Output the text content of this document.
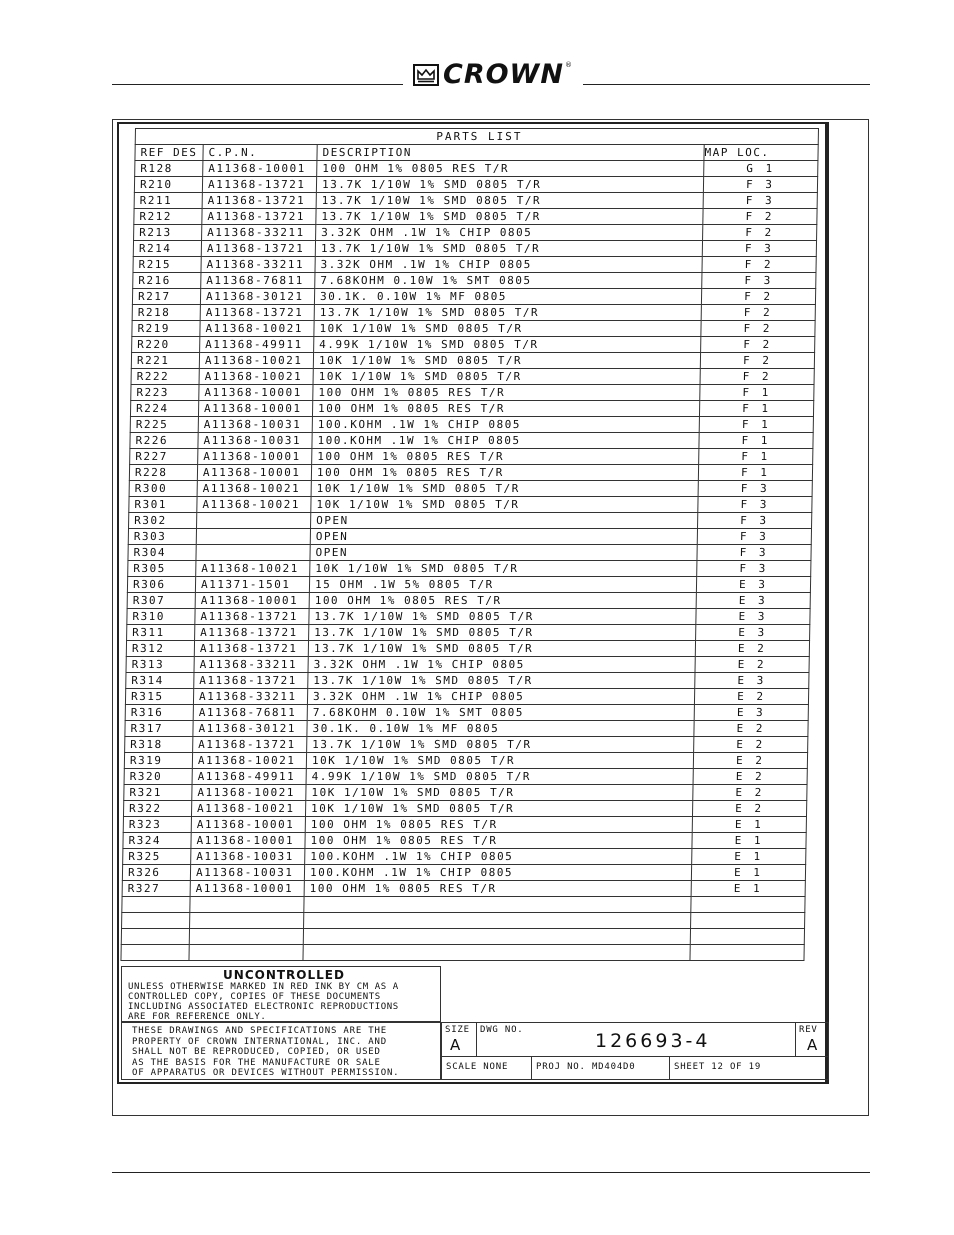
CROWN ®
PARTS LIST			
REF DES	C.P.N.	DESCRIPTION	MAP LOC.
R128	A11368-10001	100 OHM 1% 0805 RES T/R	G 1
R210	A11368-13721	13.7K 1/10W 1% SMD 0805 T/R	F 3
R211	A11368-13721	13.7K 1/10W 1% SMD 0805 T/R	F 3
R212	A11368-13721	13.7K 1/10W 1% SMD 0805 T/R	F 2
R213	A11368-33211	3.32K OHM .1W 1% CHIP 0805	F 2
R214	A11368-13721	13.7K 1/10W 1% SMD 0805 T/R	F 3
R215	A11368-33211	3.32K OHM .1W 1% CHIP 0805	F 2
R216	A11368-76811	7.68KOHM 0.10W 1% SMT 0805	F 3
R217	A11368-30121	30.1K. 0.10W 1% MF 0805	F 2
R218	A11368-13721	13.7K 1/10W 1% SMD 0805 T/R	F 2
R219	A11368-10021	10K 1/10W 1% SMD 0805 T/R	F 2
R220	A11368-49911	4.99K 1/10W 1% SMD 0805 T/R	F 2
R221	A11368-10021	10K 1/10W 1% SMD 0805 T/R	F 2
R222	A11368-10021	10K 1/10W 1% SMD 0805 T/R	F 2
R223	A11368-10001	100 OHM 1% 0805 RES T/R	F 1
R224	A11368-10001	100 OHM 1% 0805 RES T/R	F 1
R225	A11368-10031	100.KOHM .1W 1% CHIP 0805	F 1
R226	A11368-10031	100.KOHM .1W 1% CHIP 0805	F 1
R227	A11368-10001	100 OHM 1% 0805 RES T/R	F 1
R228	A11368-10001	100 OHM 1% 0805 RES T/R	F 1
R300	A11368-10021	10K 1/10W 1% SMD 0805 T/R	F 3
R301	A11368-10021	10K 1/10W 1% SMD 0805 T/R	F 3
R302		OPEN	F 3
R303		OPEN	F 3
R304		OPEN	F 3
R305	A11368-10021	10K 1/10W 1% SMD 0805 T/R	F 3
R306	A11371-1501	15 OHM .1W 5% 0805 T/R	E 3
R307	A11368-10001	100 OHM 1% 0805 RES T/R	E 3
R310	A11368-13721	13.7K 1/10W 1% SMD 0805 T/R	E 3
R311	A11368-13721	13.7K 1/10W 1% SMD 0805 T/R	E 3
R312	A11368-13721	13.7K 1/10W 1% SMD 0805 T/R	E 2
R313	A11368-33211	3.32K OHM .1W 1% CHIP 0805	E 2
R314	A11368-13721	13.7K 1/10W 1% SMD 0805 T/R	E 3
R315	A11368-33211	3.32K OHM .1W 1% CHIP 0805	E 2
R316	A11368-76811	7.68KOHM 0.10W 1% SMT 0805	E 3
R317	A11368-30121	30.1K. 0.10W 1% MF 0805	E 2
R318	A11368-13721	13.7K 1/10W 1% SMD 0805 T/R	E 2
R319	A11368-10021	10K 1/10W 1% SMD 0805 T/R	E 2
R320	A11368-49911	4.99K 1/10W 1% SMD 0805 T/R	E 2
R321	A11368-10021	10K 1/10W 1% SMD 0805 T/R	E 2
R322	A11368-10021	10K 1/10W 1% SMD 0805 T/R	E 2
R323	A11368-10001	100 OHM 1% 0805 RES T/R	E 1
R324	A11368-10001	100 OHM 1% 0805 RES T/R	E 1
R325	A11368-10031	100.KOHM .1W 1% CHIP 0805	E 1
R326	A11368-10031	100.KOHM .1W 1% CHIP 0805	E 1
R327	A11368-10001	100 OHM 1% 0805 RES T/R	E 1

UNCONTROLLED
UNLESS OTHERWISE MARKED IN RED INK BY CM AS A
CONTROLLED COPY, COPIES OF THESE DOCUMENTS
INCLUDING ASSOCIATED ELECTRONIC REPRODUCTIONS
ARE FOR REFERENCE ONLY.
THESE DRAWINGS AND SPECIFICATIONS ARE THE
PROPERTY OF CROWN INTERNATIONAL, INC. AND
SHALL NOT BE REPRODUCED, COPIED, OR USED
AS THE BASIS FOR THE MANUFACTURE OR SALE
OF APPARATUS OR DEVICES WITHOUT PERMISSION.
SIZE
A
DWG NO.	126693-4	REV
A
SCALE NONE	PROJ NO. MD404D0	SHEET 12 OF 19
